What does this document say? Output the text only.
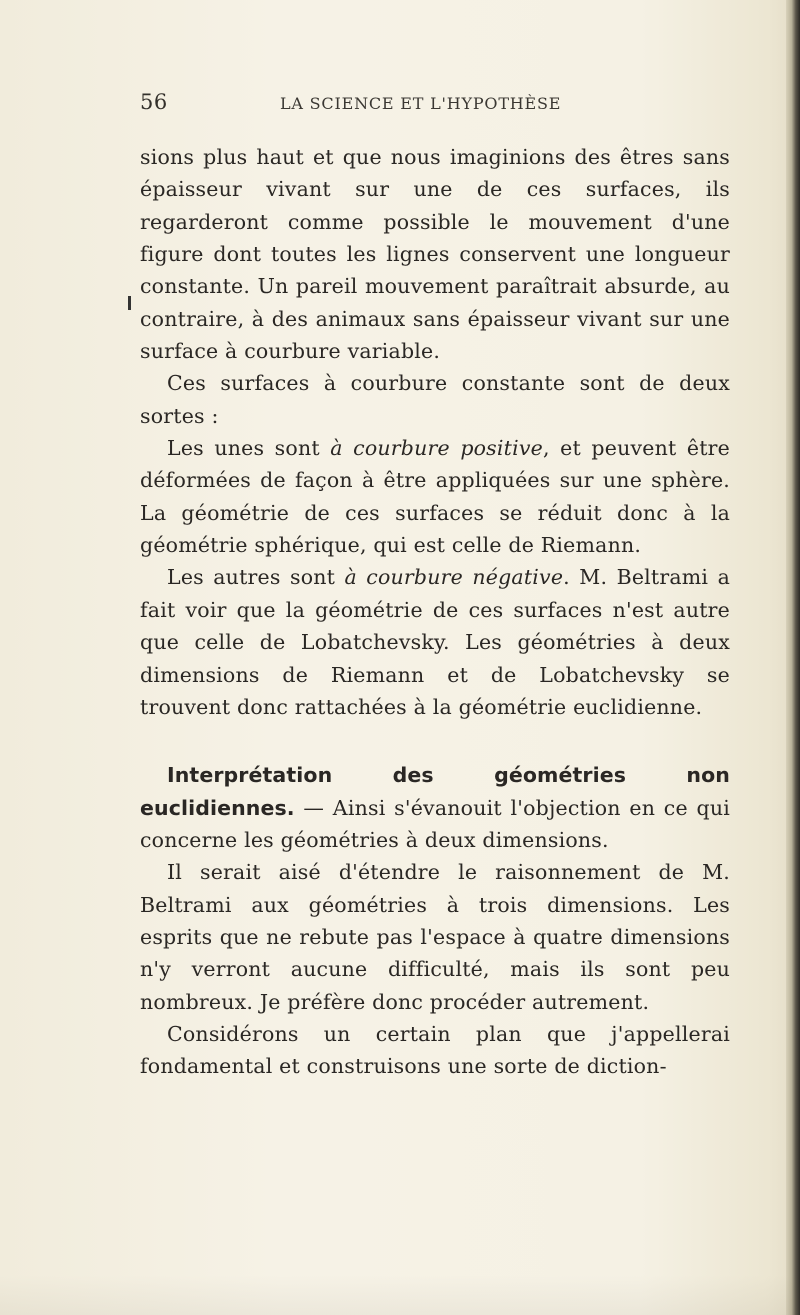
56	LA SCIENCE ET L'HYPOTHÈSE

sions plus haut et que nous imaginions des êtres sans épaisseur vivant sur une de ces surfaces, ils regarderont comme possible le mouvement d'une figure dont toutes les lignes conservent une longueur constante. Un pareil mouvement paraîtrait absurde, au contraire, à des animaux sans épaisseur vivant sur une surface à courbure variable.

Ces surfaces à courbure constante sont de deux sortes :

Les unes sont à courbure positive, et peuvent être déformées de façon à être appliquées sur une sphère. La géométrie de ces surfaces se réduit donc à la géométrie sphérique, qui est celle de Riemann.

Les autres sont à courbure négative. M. Beltrami a fait voir que la géométrie de ces surfaces n'est autre que celle de Lobatchevsky. Les géométries à deux dimensions de Riemann et de Lobatchevsky se trouvent donc rattachées à la géométrie euclidienne.

Interprétation des géométries non euclidiennes. — Ainsi s'évanouit l'objection en ce qui concerne les géométries à deux dimensions.

Il serait aisé d'étendre le raisonnement de M. Beltrami aux géométries à trois dimensions. Les esprits que ne rebute pas l'espace à quatre dimensions n'y verront aucune difficulté, mais ils sont peu nombreux. Je préfère donc procéder autrement.

Considérons un certain plan que j'appellerai fondamental et construisons une sorte de diction-
